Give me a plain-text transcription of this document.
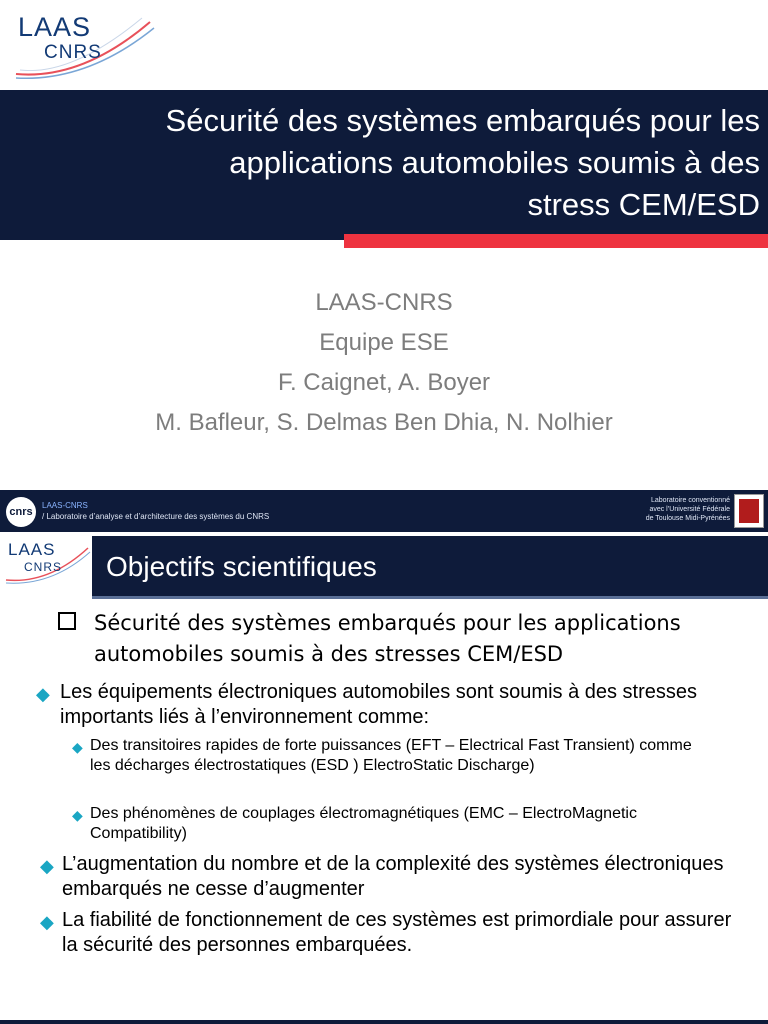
LAAS
CNRS
Sécurité des systèmes embarqués pour les
applications automobiles soumis à des
stress CEM/ESD
LAAS-CNRS
Equipe ESE
F. Caignet, A. Boyer
M. Bafleur, S. Delmas Ben Dhia, N. Nolhier
cnrs
LAAS-CNRS
/ Laboratoire d’analyse et d’architecture des systèmes du CNRS
Laboratoire conventionné
avec l’Université Fédérale
de Toulouse Midi-Pyrénées
LAAS
CNRS Objectifs scientifiques
Sécurité des systèmes embarqués pour les applications automobiles soumis à des stresses CEM/ESD
◆ Les équipements électroniques automobiles sont soumis à des stresses importants liés à l’environnement comme:
◆ Des transitoires rapides de forte puissances (EFT – Electrical Fast Transient) comme les décharges électrostatiques (ESD ) ElectroStatic Discharge)
◆ Des phénomènes de couplages électromagnétiques (EMC – ElectroMagnetic Compatibility)
◆ L’augmentation du nombre et de la complexité des systèmes électroniques embarqués ne cesse d’augmenter
◆ La fiabilité de fonctionnement de ces systèmes est primordiale pour assurer la sécurité des personnes embarquées.
